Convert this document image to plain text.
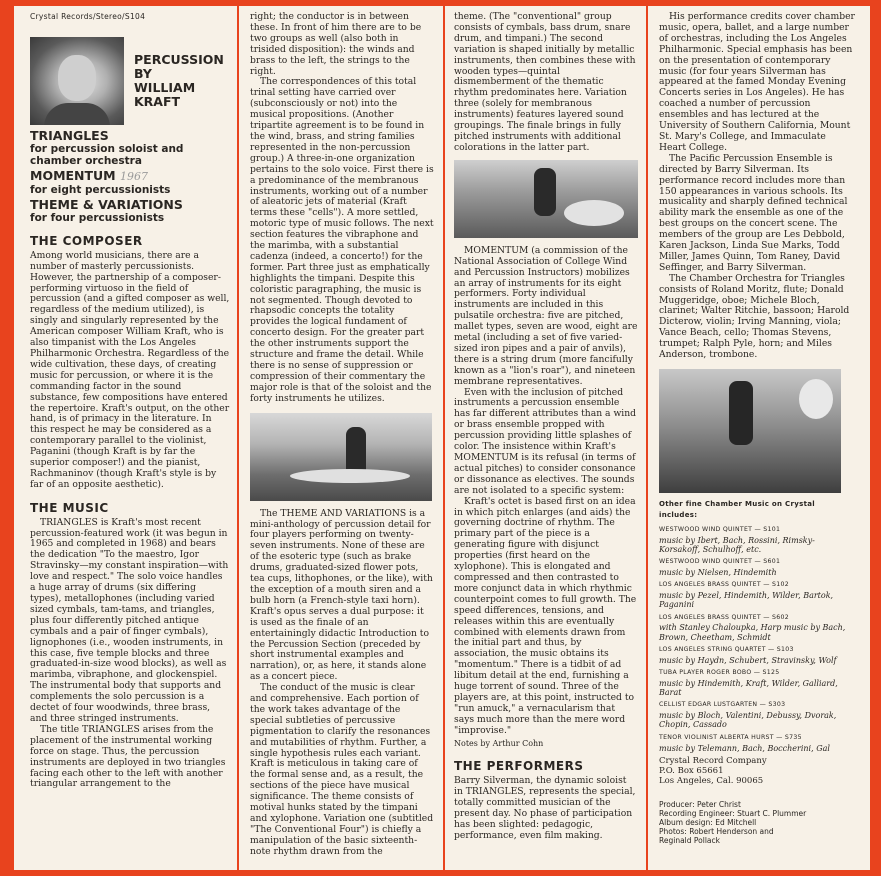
Crystal Records/Stereo/S104
PERCUSSION
BY
WILLIAM
KRAFT
TRIANGLES
for percussion soloist and chamber orchestra
MOMENTUM 1967
for eight percussionists
THEME & VARIATIONS
for four percussionists
THE COMPOSER

Among world musicians, there are a number of masterly percussionists. However, the partnership of a composer-performing virtuoso in the field of percussion (and a gifted composer as well, regardless of the medium utilized), is singly and singularly represented by the American composer William Kraft, who is also timpanist with the Los Angeles Philharmonic Orchestra. Regardless of the wide cultivation, these days, of creating music for percussion, or where it is the commanding factor in the sound substance, few compositions have entered the repertoire. Kraft's output, on the other hand, is of primacy in the literature. In this respect he may be considered as a contemporary parallel to the violinist, Paganini (though Kraft is by far the superior composer!) and the pianist, Rachmaninov (though Kraft's style is by far of an opposite aesthetic).

THE MUSIC

TRIANGLES is Kraft's most recent percussion-featured work (it was begun in 1965 and completed in 1968) and bears the dedication "To the maestro, Igor Stravinsky—my constant inspiration—with love and respect." The solo voice handles a huge array of drums (six differing types), metallophones (including varied sized cymbals, tam-tams, and triangles, plus four differently pitched antique cymbals and a pair of finger cymbals), lignophones (i.e., wooden instruments, in this case, five temple blocks and three graduated-in-size wood blocks), as well as marimba, vibraphone, and glockenspiel. The instrumental body that supports and complements the solo percussion is a dectet of four woodwinds, three brass, and three stringed instruments.

The title TRIANGLES arises from the placement of the instrumental working force on stage. Thus, the percussion instruments are deployed in two triangles facing each other to the left with another triangular arrangement to the

right; the conductor is in between these. In front of him there are to be two groups as well (also both in trisided disposition): the winds and brass to the left, the strings to the right.

The correspondences of this total trinal setting have carried over (subconsciously or not) into the musical propositions. (Another tripartite agreement is to be found in the wind, brass, and string families represented in the non-percussion group.) A three-in-one organization pertains to the solo voice. First there is a predominance of the membranous instruments, working out of a number of aleatoric jets of material (Kraft terms these "cells"). A more settled, motoric type of music follows. The next section features the vibraphone and the marimba, with a substantial cadenza (indeed, a concerto!) for the former. Part three just as emphatically highlights the timpani. Despite this coloristic paragraphing, the music is not segmented. Though devoted to rhapsodic concepts the totality provides the logical fundament of concerto design. For the greater part the other instruments support the structure and frame the detail. While there is no sense of suppression or compression of their commentary the major role is that of the soloist and the forty instruments he utilizes.

The THEME AND VARIATIONS is a mini-anthology of percussion detail for four players performing on twenty-seven instruments. None of these are of the esoteric type (such as brake drums, graduated-sized flower pots, tea cups, lithophones, or the like), with the exception of a mouth siren and a bulb horn (a French-style taxi horn). Kraft's opus serves a dual purpose: it is used as the finale of an entertainingly didactic Introduction to the Percussion Section (preceded by short instrumental examples and narration), or, as here, it stands alone as a concert piece.

The conduct of the music is clear and comprehensive. Each portion of the work takes advantage of the special subtleties of percussive pigmentation to clarify the resonances and mutabilities of rhythm. Further, a single hypothesis rules each variant. Kraft is meticulous in taking care of the formal sense and, as a result, the sections of the piece have musical significance. The theme consists of motival hunks stated by the timpani and xylophone. Variation one (subtitled "The Conventional Four") is chiefly a manipulation of the basic sixteenth-note rhythm drawn from the

theme. (The "conventional" group consists of cymbals, bass drum, snare drum, and timpani.) The second variation is shaped initially by metallic instruments, then combines these with wooden types—quintal dismemberment of the thematic rhythm predominates here. Variation three (solely for membranous instruments) features layered sound groupings. The finale brings in fully pitched instruments with additional colorations in the latter part.

MOMENTUM (a commission of the National Association of College Wind and Percussion Instructors) mobilizes an array of instruments for its eight performers. Forty individual instruments are included in this pulsatile orchestra: five are pitched, mallet types, seven are wood, eight are metal (including a set of five varied-sized iron pipes and a pair of anvils), there is a string drum (more fancifully known as a "lion's roar"), and nineteen membrane representatives.

Even with the inclusion of pitched instruments a percussion ensemble has far different attributes than a wind or brass ensemble propped with percussion providing little splashes of color. The insistence within Kraft's MOMENTUM is its refusal (in terms of actual pitches) to consider consonance or dissonance as electives. The sounds are not isolated to a specific system:

Kraft's octet is based first on an idea in which pitch enlarges (and aids) the governing doctrine of rhythm. The primary part of the piece is a generating figure with disjunct properties (first heard on the xylophone). This is elongated and compressed and then contrasted to more conjunct data in which rhythmic counterpoint comes to full growth. The speed differences, tensions, and releases within this are eventually combined with elements drawn from the initial part and thus, by association, the music obtains its "momentum." There is a tidbit of ad libitum detail at the end, furnishing a huge torrent of sound. Three of the players are, at this point, instructed to "run amuck," a vernacularism that says much more than the mere word "improvise."

Notes by Arthur Cohn

THE PERFORMERS

Barry Silverman, the dynamic soloist in TRIANGLES, represents the special, totally committed musician of the present day. No phase of participation has been slighted: pedagogic, performance, even film making.

His performance credits cover chamber music, opera, ballet, and a large number of orchestras, including the Los Angeles Philharmonic. Special emphasis has been on the presentation of contemporary music (for four years Silverman has appeared at the famed Monday Evening Concerts series in Los Angeles). He has coached a number of percussion ensembles and has lectured at the University of Southern California, Mount St. Mary's College, and Immaculate Heart College.

The Pacific Percussion Ensemble is directed by Barry Silverman. Its performance record includes more than 150 appearances in various schools. Its musicality and sharply defined technical ability mark the ensemble as one of the best groups on the concert scene. The members of the group are Les Debbold, Karen Jackson, Linda Sue Marks, Todd Miller, James Quinn, Tom Raney, David Seffinger, and Barry Silverman.

The Chamber Orchestra for Triangles consists of Roland Moritz, flute; Donald Muggeridge, oboe; Michele Bloch, clarinet; Walter Ritchie, bassoon; Harold Dicterow, violin; Irving Manning, viola; Vance Beach, cello; Thomas Stevens, trumpet; Ralph Pyle, horn; and Miles Anderson, trombone.

Other fine Chamber Music on Crystal includes:
WESTWOOD WIND QUINTET — S101
music by Ibert, Bach, Rossini, Rimsky-Korsakoff, Schulhoff, etc.
WESTWOOD WIND QUINTET — S601
music by Nielsen, Hindemith
LOS ANGELES BRASS QUINTET — S102
music by Pezel, Hindemith, Wilder, Bartok, Paganini
LOS ANGELES BRASS QUINTET — S602
with Stanley Chaloupka, Harp music by Bach, Brown, Cheetham, Schmidt
LOS ANGELES STRING QUARTET — S103
music by Haydn, Schubert, Stravinsky, Wolf
TUBA PLAYER ROGER BOBO — S125
music by Hindemith, Kraft, Wilder, Galliard, Barat
CELLIST EDGAR LUSTGARTEN — S303
music by Bloch, Valentini, Debussy, Dvorak, Chopin, Cassado
TENOR VIOLINIST ALBERTA HURST — S735
music by Telemann, Bach, Boccherini, Gal
Crystal Record Company
P.O. Box 65661
Los Angeles, Cal. 90065
Producer: Peter Christ
Recording Engineer: Stuart C. Plummer
Album design: Ed Mitchell
Photos: Robert Henderson and
Reginald Pollack
